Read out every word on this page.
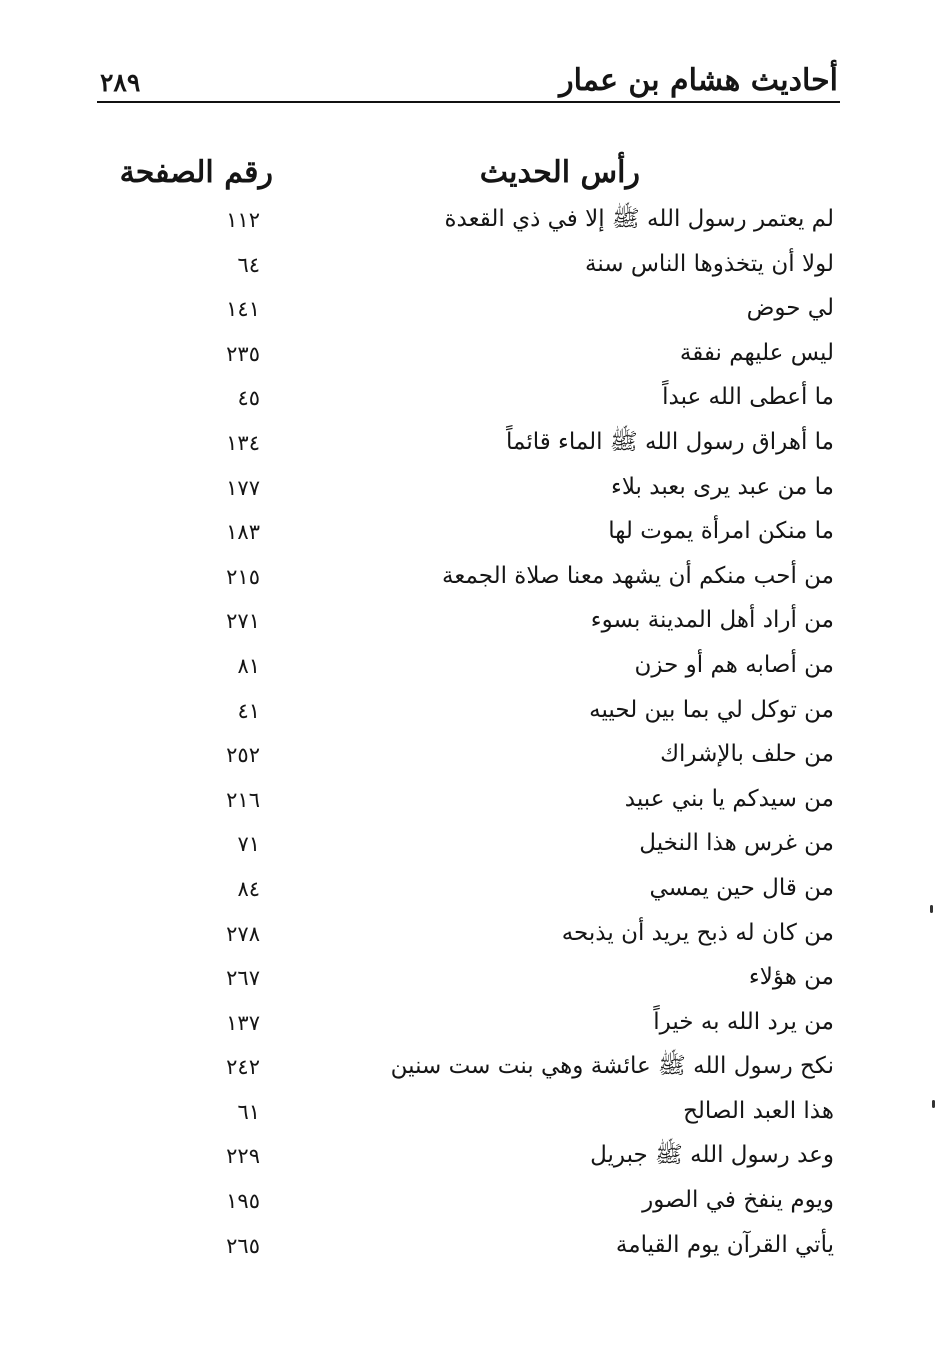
أحاديث هشام بن عمار
٢٨٩
رأس الحديث
رقم الصفحة
لم يعتمر رسول الله ﷺ إلا في ذي القعدة
١١٢
لولا أن يتخذوها الناس سنة
٦٤
لي حوض
١٤١
ليس عليهم نفقة
٢٣٥
ما أعطى الله عبداً
٤٥
ما أهراق رسول الله ﷺ الماء قائماً
١٣٤
ما من عبد يرى بعبد بلاء
١٧٧
ما منكن امرأة يموت لها
١٨٣
من أحب منكم أن يشهد معنا صلاة الجمعة
٢١٥
من أراد أهل المدينة بسوء
٢٧١
من أصابه هم أو حزن
٨١
من توكل لي بما بين لحييه
٤١
من حلف بالإشراك
٢٥٢
من سيدكم يا بني عبيد
٢١٦
من غرس هذا النخيل
٧١
من قال حين يمسي
٨٤
من كان له ذبح يريد أن يذبحه
٢٧٨
من هؤلاء
٢٦٧
من يرد الله به خيراً
١٣٧
نكح رسول الله ﷺ عائشة وهي بنت ست سنين
٢٤٢
هذا العبد الصالح
٦١
وعد رسول الله ﷺ جبريل
٢٢٩
ويوم ينفخ في الصور
١٩٥
يأتي القرآن يوم القيامة
٢٦٥
